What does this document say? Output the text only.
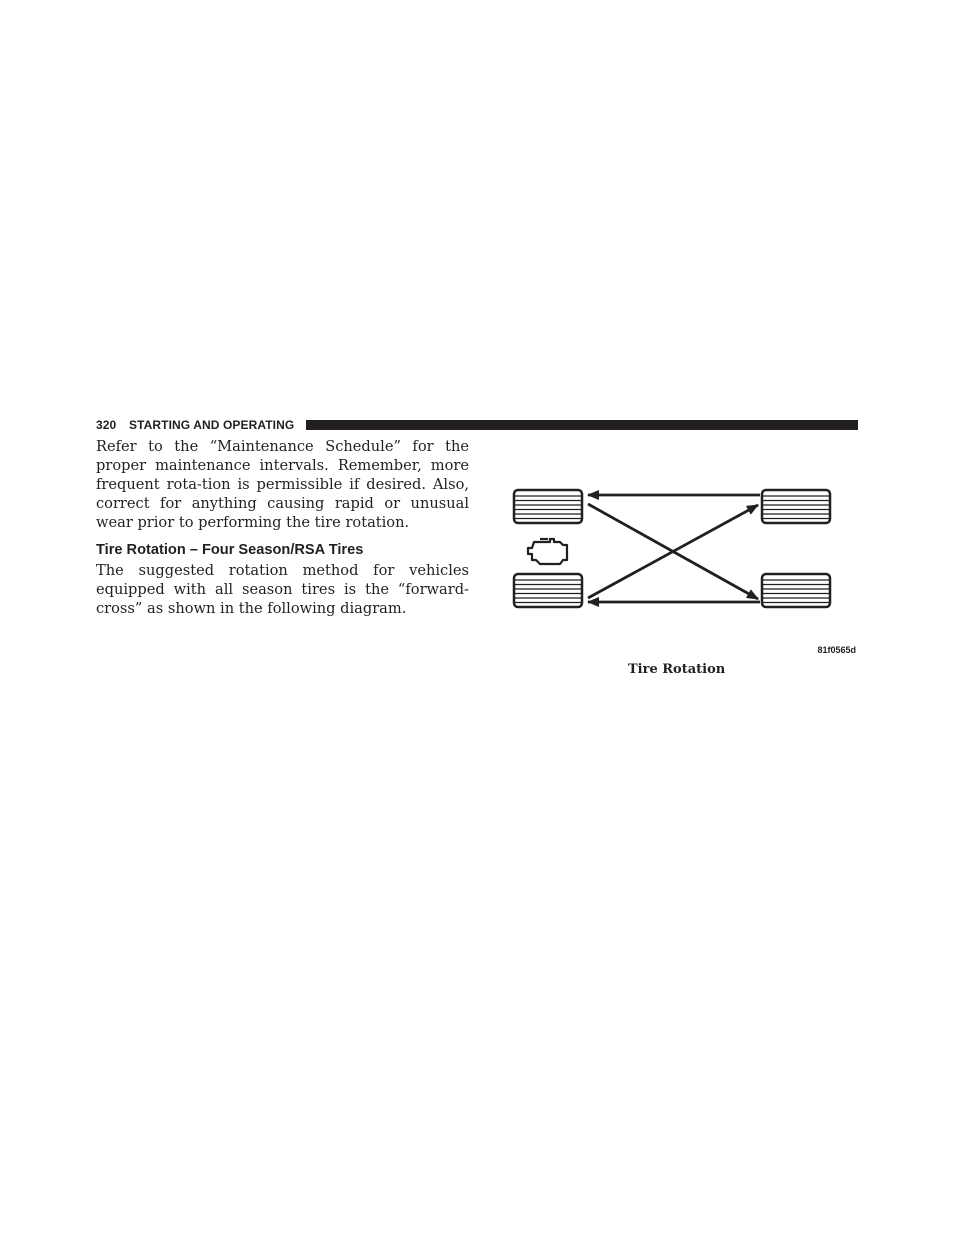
320 STARTING AND OPERATING

Refer to the “Maintenance Schedule” for the proper maintenance intervals. Remember, more frequent rota-tion is permissible if desired. Also, correct for anything causing rapid or unusual wear prior to performing the tire rotation.

Tire Rotation – Four Season/RSA Tires

The suggested rotation method for vehicles equipped with all season tires is the “forward-cross” as shown in the following diagram.

81f0565d
Tire Rotation
